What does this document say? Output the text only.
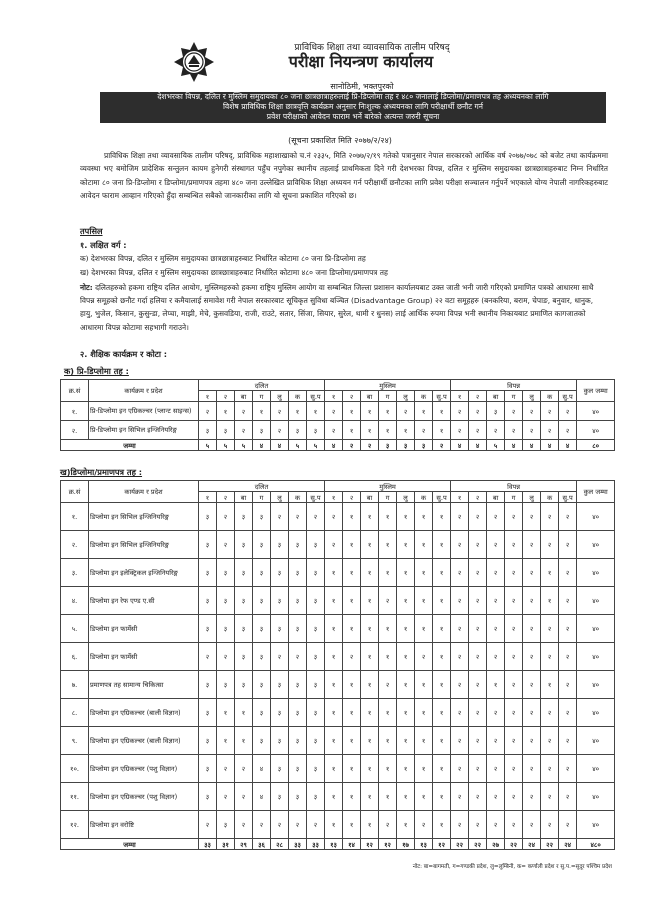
प्राविधिक शिक्षा तथा व्यावसायिक तालीम परिषद्
परीक्षा नियन्त्रण कार्यालय
सानोठिमी, भक्तपुरको
देशभरका विपन्न, दलित र मुस्लिम समुदायका ८० जना छात्रछात्राहरुलाई प्रि-डिप्लोमा तह र ४८० जनालाई डिप्लोमा/प्रमाणपत्र तह अध्ययनका लागि
विशेष प्राविधिक शिक्षा छात्रवृत्ति कार्यक्रम अनुसार निःशुल्क अध्ययनका लागि परीक्षार्थी छनौट गर्न
प्रवेश परीक्षाको आवेदन फाराम भर्ने बारेको अत्यन्त जरुरी सूचना
(सूचना प्रकाशित मिति २०७७/२/२४)
प्राविधिक शिक्षा तथा व्यावसायिक तालीम परिषद्, प्राविधिक महाशाखाको च.नं २३३५, मिति २०७७/२/१९ गतेको पत्रानुसार नेपाल सरकारको आर्थिक वर्ष २०७७/०७८ को बजेट तथा कार्यक्रममा व्यवस्था भए बमोजिम प्रादेशिक सन्तुलन कायम हुनेगरी संस्थागत पहुँच नपुगेका स्थानीय तहलाई प्राथमिकता दिने गरी देशभरका विपन्न, दलित र मुस्लिम समुदायका छात्रछात्राहरुबाट निम्न निर्धारित कोटामा ८० जना प्रि-डिप्लोमा र डिप्लोमा/प्रमाणपत्र तहमा ४८० जना उल्लेखित प्राविधिक शिक्षा अध्ययन गर्न परीक्षार्थी छनौटका लागि प्रवेश परीक्षा सञ्चालन गर्नुपर्ने भएकाले योग्य नेपाली नागरिकहरुबाट आवेदन फाराम आव्हान गरिएको हुँदा सम्बन्धित सबैको जानकारीका लागि यो सूचना प्रकाशित गरिएको छ।
तपसिल
१. लक्षित वर्ग :
क) देशभरका विपन्न, दलित र मुस्लिम समुदायका छात्रछात्राहरुबाट निर्धारित कोटामा ८० जना प्रि-डिप्लोमा तह
ख) देशभरका विपन्न, दलित र मुस्लिम समुदायका छात्रछात्राहरुबाट निर्धारित कोटामा ४८० जना डिप्लोमा/प्रमाणपत्र तह
नोट: दलितहरुको हकमा राष्ट्रिय दलित आयोग, मुस्लिमहरुको हकमा राष्ट्रिय मुस्लिम आयोग वा सम्बन्धित जिल्ला प्रशासन कार्यालयबाट उक्त जाती भनी जारी गरिएको प्रमाणित पत्रको आधारमा साथै विपन्न समूहको छनौट गर्दा हलिया र कमैयालाई समावेश गरी नेपाल सरकारबाट सूचिकृत सुविधा बञ्चित (Disadvantage Group) २२ वटा समूहहरु (बनकरिया, बराम, चेपाङ, बनुवार, धानुक, हायु, भुजेल, किसान, कुसुन्डा, लेप्चा, माझी, मेचे, कुसवडिया, राजी, राउटे, सतार, सिंजा, सियार, सुरेल, थामी र धुनस) लाई आर्थिक रुपमा विपन्न भनी स्थानीय निकायबाट प्रमाणित कागजातको आधारमा विपन्न कोटामा सहभागी गराउने।
२. शैक्षिक कार्यक्रम र कोटा :
क) प्रि-डिप्लोमा तह :
क्र.सं	कार्यक्रम र प्रदेश	दलित							मुस्लिम							विपन्न							कुल जम्मा
		१	२	बा	ग	लु	क	सु.प	१	२	बा	ग	लु	क	सु.प	१	२	बा	ग	लु	क	सु.प	
१.	प्रि-डिप्लोमा इन एग्रिकल्चर (प्लान्ट साइन्स)	२	१	२	१	२	१	१	२	१	१	१	२	१	१	२	२	३	२	२	२	२	४०
२.	प्रि-डिप्लोमा इन सिभिल इन्जिनियरिङ्ग	३	३	२	३	२	३	३	२	१	१	१	१	२	१	२	२	२	२	२	२	२	४०
जम्मा		५	५	५	४	४	५	५	४	२	२	३	३	३	२	४	४	५	४	४	४	४	८०
ख)डिप्लोमा/प्रमाणपत्र तह :
क्र.सं	कार्यक्रम र प्रदेश	दलित							मुस्लिम							विपन्न							कुल जम्मा
		१	२	बा	ग	लु	क	सु.प	१	२	बा	ग	लु	क	सु.प	१	२	बा	ग	लु	क	सु.प	
१.	डिप्लोमा इन सिभिल इन्जिनियरिङ्ग	३	२	३	३	२	२	२	२	१	१	१	१	१	१	२	२	२	२	२	२	२	४०
२.	डिप्लोमा इन सिभिल इन्जिनियरिङ्ग	३	२	३	३	३	३	३	२	१	१	१	१	१	१	२	२	२	२	२	२	२	४०
३.	डिप्लोमा इन इलेक्ट्रिकल इन्जिनियरिङ्ग	३	३	३	३	३	३	३	१	१	१	१	१	१	१	२	२	२	२	२	१	२	४०
४.	डिप्लोमा इन रेफ एण्ड ए.सी	३	३	३	३	३	३	३	१	१	१	२	१	१	१	२	२	२	२	२	१	२	४०
५.	डिप्लोमा इन फार्मेसी	३	३	३	३	३	३	३	१	१	१	१	१	१	१	२	२	२	२	२	२	२	४०
६.	डिप्लोमा इन फार्मेसी	२	२	३	३	२	२	३	१	२	१	१	१	२	१	२	२	२	२	२	२	२	४०
७.	प्रमाणपत्र तह सामान्य चिकित्सा	३	३	३	३	३	३	३	१	१	१	२	१	१	१	२	२	१	२	२	१	२	४०
८.	डिप्लोमा इन एग्रिकल्चर (बाली विज्ञान)	३	१	१	३	३	३	३	१	१	१	१	१	१	१	२	२	२	२	२	२	२	४०
९.	डिप्लोमा इन एग्रिकल्चर (बाली विज्ञान)	३	१	१	३	३	३	३	१	१	१	१	१	१	१	२	२	२	२	२	२	२	४०
१०.	डिप्लोमा इन एग्रिकल्चर (पशु विज्ञान)	३	२	२	४	३	३	३	१	१	१	१	१	१	१	२	२	२	२	२	२	२	४०
११.	डिप्लोमा इन एग्रिकल्चर (पशु विज्ञान)	३	२	२	४	३	३	३	१	१	१	१	१	१	१	२	२	२	२	२	२	२	४०
१२.	डिप्लोमा इन वरोष्टि	२	३	२	२	२	२	२	१	१	१	२	१	२	१	२	२	२	२	२	२	२	४०
जम्मा		३३	३१	२९	३६	२८	३३	३३	१३	१४	१२	१२	१७	१३	१२	२२	२२	२७	२२	२४	२२	२४	४८०
नोट: बा=बागमती, ग=गण्डकी प्रदेश, लु=लुम्बिनी, क= कर्णाली प्रदेश र सु.प.=सुदूर पश्चिम प्रदेश
